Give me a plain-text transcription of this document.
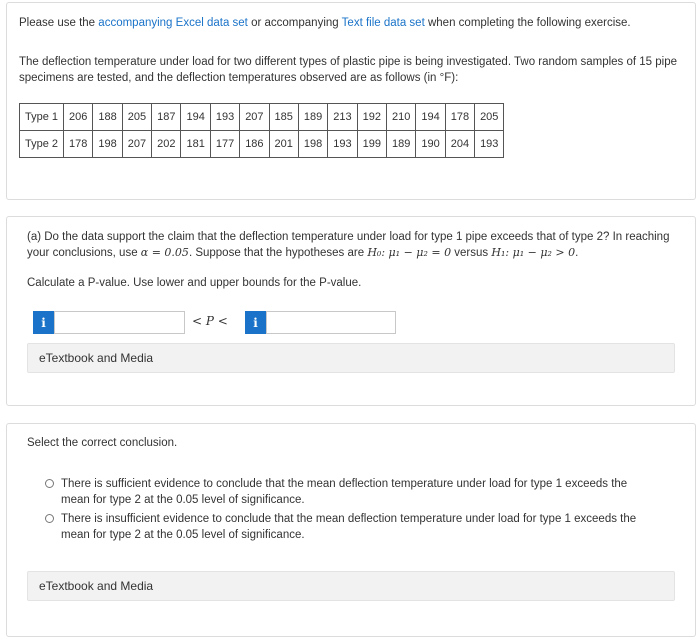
Please use the accompanying Excel data set or accompanying Text file data set when completing the following exercise.
The deflection temperature under load for two different types of plastic pipe is being investigated. Two random samples of 15 pipe specimens are tested, and the deflection temperatures observed are as follows (in °F):
Type 1	206	188	205	187	194	193	207	185	189	213	192	210	194	178	205
Type 2	178	198	207	202	181	177	186	201	198	193	199	189	190	204	193
(a) Do the data support the claim that the deflection temperature under load for type 1 pipe exceeds that of type 2? In reaching
your conclusions, use α = 0.05. Suppose that the hypotheses are H₀: μ₁ − μ₂ = 0 versus H₁: μ₁ − μ₂ > 0.
Calculate a P-value. Use lower and upper bounds for the P-value.
i	< P <	i
eTextbook and Media
Select the correct conclusion.
There is sufficient evidence to conclude that the mean deflection temperature under load for type 1 exceeds the mean for type 2 at the 0.05 level of significance.
There is insufficient evidence to conclude that the mean deflection temperature under load for type 1 exceeds the mean for type 2 at the 0.05 level of significance.
eTextbook and Media
